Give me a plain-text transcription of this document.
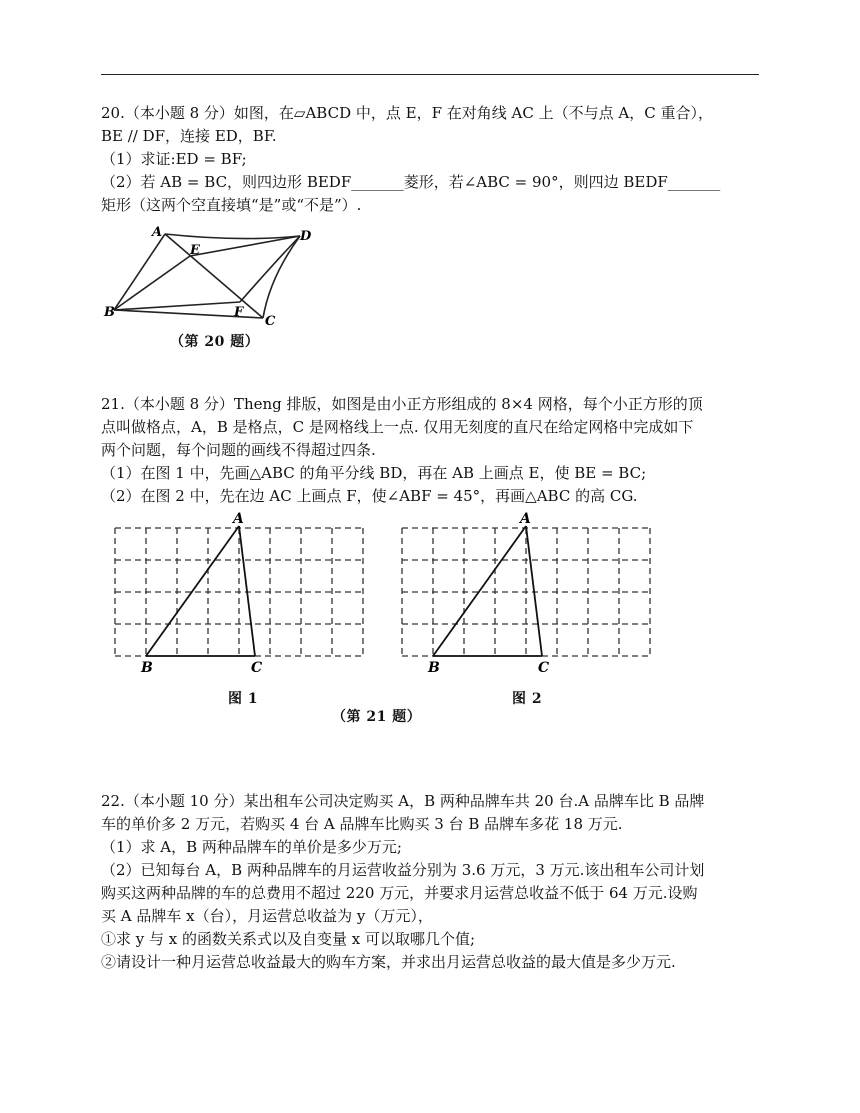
20.（本小题 8 分）如图，在▱ABCD 中，点 E，F 在对角线 AC 上（不与点 A，C 重合），

BE // DF，连接 ED，BF.

（1）求证:ED = BF;

（2）若 AB = BC，则四边形 BEDF_______菱形，若∠ABC = 90°，则四边 BEDF_______

矩形（这两个空直接填“是”或“不是”）.

A
E
D
B	F
C
（第 20 题）

21.（本小题 8 分）Theng 排版，如图是由小正方形组成的 8×4 网格，每个小正方形的顶

点叫做格点，A，B 是格点，C 是网格线上一点. 仅用无刻度的直尺在给定网格中完成如下

两个问题，每个问题的画线不得超过四条.

（1）在图 1 中，先画△ABC 的角平分线 BD，再在 AB 上画点 E，使 BE = BC;

（2）在图 2 中，先在边 AC 上画点 F，使∠ABF = 45°，再画△ABC 的高 CG.

A
B	C
图 1
A
B	C
图 2
（第 21 题）

22.（本小题 10 分）某出租车公司决定购买 A，B 两种品牌车共 20 台.A 品牌车比 B 品牌

车的单价多 2 万元，若购买 4 台 A 品牌车比购买 3 台 B 品牌车多花 18 万元.

（1）求 A，B 两种品牌车的单价是多少万元;

（2）已知每台 A，B 两种品牌车的月运营收益分别为 3.6 万元，3 万元.该出租车公司计划

购买这两种品牌的车的总费用不超过 220 万元，并要求月运营总收益不低于 64 万元.设购

买 A 品牌车 x（台），月运营总收益为 y（万元），

①求 y 与 x 的函数关系式以及自变量 x 可以取哪几个值;

②请设计一种月运营总收益最大的购车方案，并求出月运营总收益的最大值是多少万元.
